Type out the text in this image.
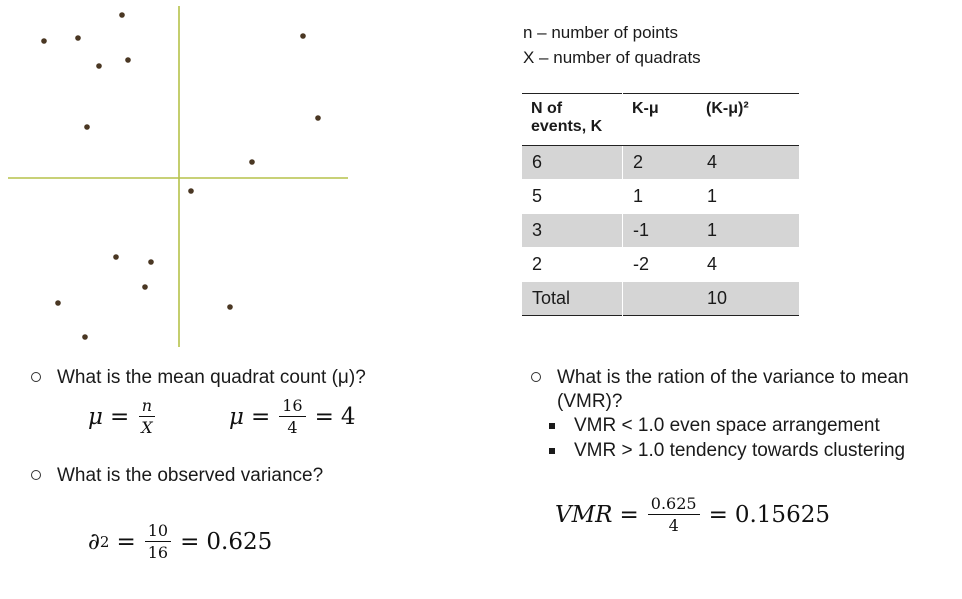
n – number of points
X – number of quadrats
N of events, K	K-μ	(K-μ)²
6	2	4
5	1	1
3	-1	1
2	-2	4
Total		10
What is the mean quadrat count (μ)?
$\mu = \frac{n}{X}$	$\mu = \frac{16}{4} = 4$
What is the observed variance?
∂ $2 = \frac{10}{16} = 0.625$
What is the ration of the variance to mean (VMR)?
VMR < 1.0 even space arrangement
VMR > 1.0 tendency towards clustering
VMR = $\frac{0.625}{4} = 0.15625$
